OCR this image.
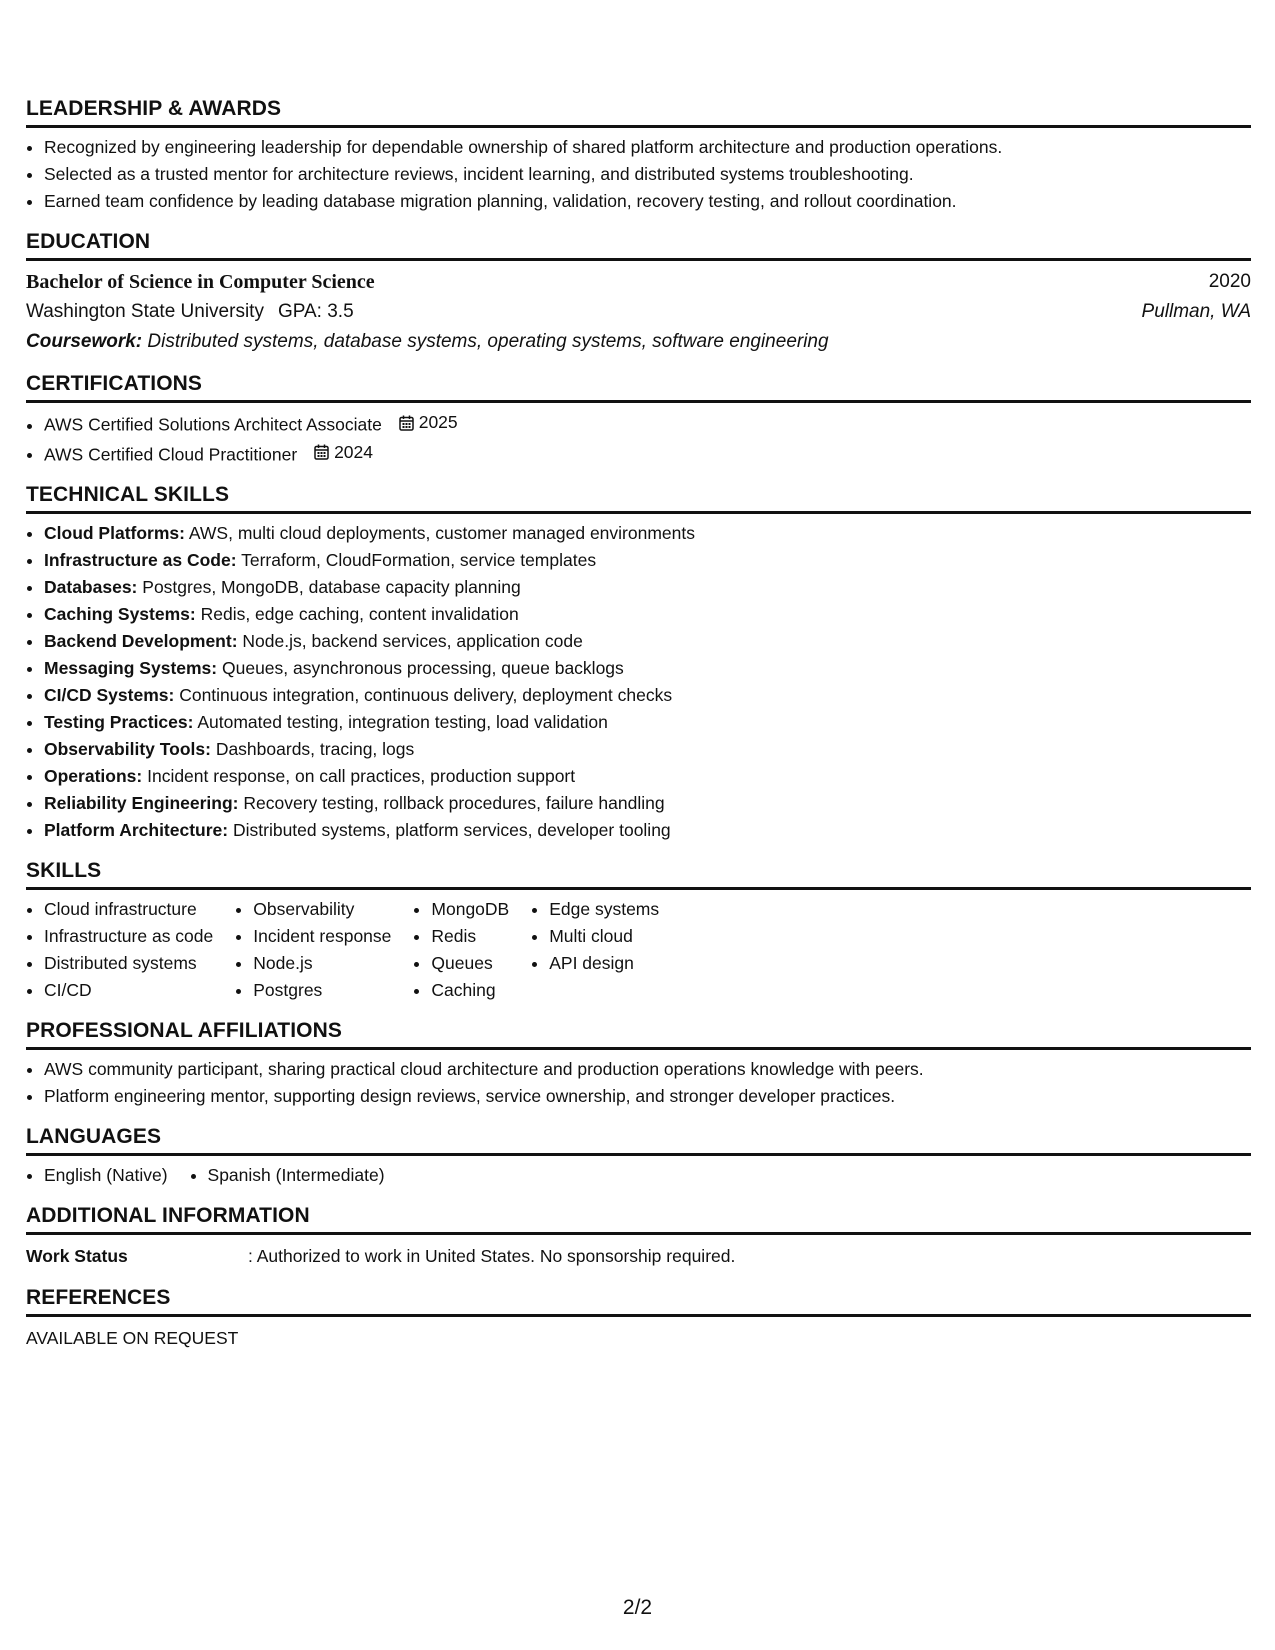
LEADERSHIP & AWARDS
• Recognized by engineering leadership for dependable ownership of shared platform architecture and production operations.
• Selected as a trusted mentor for architecture reviews, incident learning, and distributed systems troubleshooting.
• Earned team confidence by leading database migration planning, validation, recovery testing, and rollout coordination.
EDUCATION
Bachelor of Science in Computer Science	2020
Washington State University GPA: 3.5	Pullman, WA
Coursework: Distributed systems, database systems, operating systems, software engineering
CERTIFICATIONS
• AWS Certified Solutions Architect Associate 2025
• AWS Certified Cloud Practitioner 2024
TECHNICAL SKILLS
• Cloud Platforms: AWS, multi cloud deployments, customer managed environments
• Infrastructure as Code: Terraform, CloudFormation, service templates
• Databases: Postgres, MongoDB, database capacity planning
• Caching Systems: Redis, edge caching, content invalidation
• Backend Development: Node.js, backend services, application code
• Messaging Systems: Queues, asynchronous processing, queue backlogs
• CI/CD Systems: Continuous integration, continuous delivery, deployment checks
• Testing Practices: Automated testing, integration testing, load validation
• Observability Tools: Dashboards, tracing, logs
• Operations: Incident response, on call practices, production support
• Reliability Engineering: Recovery testing, rollback procedures, failure handling
• Platform Architecture: Distributed systems, platform services, developer tooling
SKILLS
• Cloud infrastructure
• Infrastructure as code
• Distributed systems
• CI/CD
• Observability
• Incident response
• Node.js
• Postgres
• MongoDB
• Redis
• Queues
• Caching
• Edge systems
• Multi cloud
• API design
PROFESSIONAL AFFILIATIONS
• AWS community participant, sharing practical cloud architecture and production operations knowledge with peers.
• Platform engineering mentor, supporting design reviews, service ownership, and stronger developer practices.
LANGUAGES
• English (Native)
• Spanish (Intermediate)
ADDITIONAL INFORMATION
Work Status	: Authorized to work in United States. No sponsorship required.
REFERENCES
AVAILABLE ON REQUEST
2/2
